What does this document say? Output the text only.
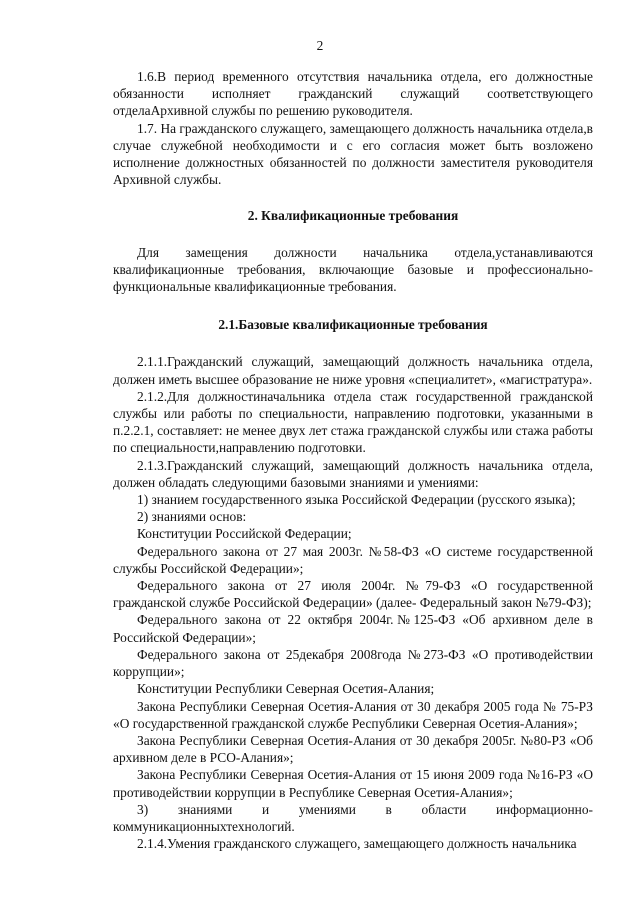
2

1.6.В период временного отсутствия начальника отдела, его должностные обязанности исполняет гражданский служащий соответствующего отделаАрхивной службы по решению руководителя.

1.7. На гражданского служащего, замещающего должность начальника отдела,в случае служебной необходимости и с его согласия может быть возложено исполнение должностных обязанностей по должности заместителя руководителя Архивной службы.

2. Квалификационные требования

Для замещения должности начальника отдела,устанавливаются квалификационные требования, включающие базовые и профессионально-функциональные квалификационные требования.

2.1.Базовые квалификационные требования

2.1.1.Гражданский служащий, замещающий должность начальника отдела, должен иметь высшее образование не ниже уровня «специалитет», «магистратура».

2.1.2.Для должностиначальника отдела стаж государственной гражданской службы или работы по специальности, направлению подготовки, указанными в п.2.2.1, составляет: не менее двух лет стажа гражданской службы или стажа работы по специальности,направлению подготовки.

2.1.3.Гражданский служащий, замещающий должность начальника отдела, должен обладать следующими базовыми знаниями и умениями:

1) знанием государственного языка Российской Федерации (русского языка);

2) знаниями основ:

Конституции Российской Федерации;

Федерального закона от 27 мая 2003г. №58-ФЗ «О системе государственной службы Российской Федерации»;

Федерального закона от 27 июля 2004г. №79-ФЗ «О государственной гражданской службе Российской Федерации» (далее- Федеральный закон №79-ФЗ);

Федерального закона от 22 октября 2004г.№125-ФЗ «Об архивном деле в Российской Федерации»;

Федерального закона от 25декабря 2008года №273-ФЗ «О противодействии коррупции»;

Конституции Республики Северная Осетия-Алания;

Закона Республики Северная Осетия-Алания от 30 декабря 2005 года № 75-РЗ «О государственной гражданской службе Республики Северная Осетия-Алания»;

Закона Республики Северная Осетия-Алания от 30 декабря 2005г. №80-РЗ «Об архивном деле в РСО-Алания»;

Закона Республики Северная Осетия-Алания от 15 июня 2009 года №16-РЗ «О противодействии коррупции в Республике Северная Осетия-Алания»;

3) знаниями и умениями в области информационно-коммуникационныхтехнологий.

2.1.4.Умения гражданского служащего, замещающего должность начальника
